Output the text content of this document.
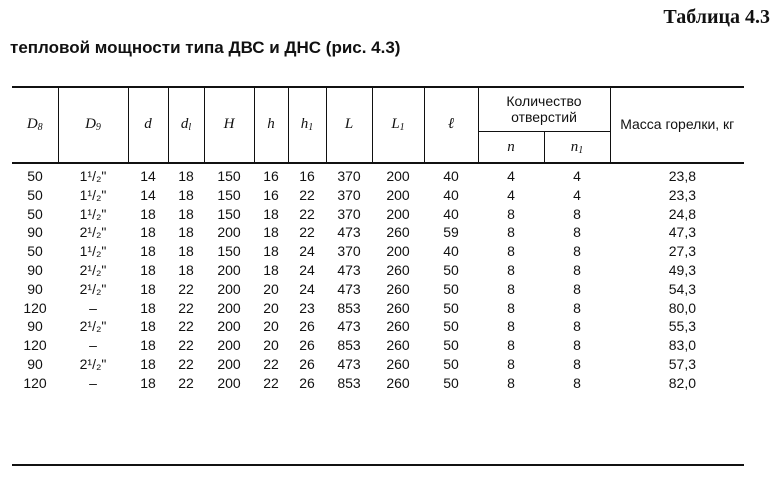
Таблица 4.3
тепловой мощности типа ДВС и ДНС (рис. 4.3)
$D_8$	$D_9$	d	$d_l$	H	h	$h_1$	L	$L_1$	ℓ	Количество отверстий		Масса горелки, кг
										n	$n_1$
50	1¹/₂"	14	18	150	16	16	370	200	40	4	4	23,8
50	1¹/₂"	14	18	150	16	22	370	200	40	4	4	23,3
50	1¹/₂"	18	18	150	18	22	370	200	40	8	8	24,8
90	2¹/₂"	18	18	200	18	22	473	260	59	8	8	47,3
50	1¹/₂"	18	18	150	18	24	370	200	40	8	8	27,3
90	2¹/₂"	18	18	200	18	24	473	260	50	8	8	49,3
90	2¹/₂"	18	22	200	20	24	473	260	50	8	8	54,3
120	–	18	22	200	20	23	853	260	50	8	8	80,0
90	2¹/₂"	18	22	200	20	26	473	260	50	8	8	55,3
120	–	18	22	200	20	26	853	260	50	8	8	83,0
90	2¹/₂"	18	22	200	22	26	473	260	50	8	8	57,3
120	–	18	22	200	22	26	853	260	50	8	8	82,0
